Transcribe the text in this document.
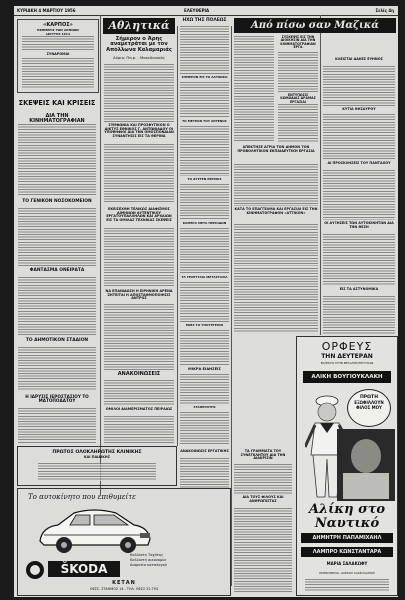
ΚΥΡΙΑΚΗ 4 ΜΑΡΤΙΟΥ 1956	ΕΛΕΥΘΕΡΙΑ	Σελίς 4η
«ΚΑΡΠΟΣ»
ΕΦΗΜΕΡΙΣ ΤΩΝ ΑΘΗΝΩΝ
ΙΔΡΥΤΗΣ 1914
ΣΥΝΔΡΟΜΑΙ
ΣΚΕΨΕΙΣ ΚΑΙ ΚΡΙΣΕΙΣ
ΔΙΑ ΤΗΝ ΚΙΝΗΜΑΤΟΓΡΑΦΙΑΝ
ΤΟ ΓΕΝΙΚΟΝ ΝΟΣΟΚΟΜΕΙΟΝ
ΦΑΝΤΑΣΜΑ ΟΝΕΙΡΑΤΑ
ΤΟ ΔΗΜΟΤΙΚΟΝ ΣΤΑΔΙΟΝ
Η ΙΔΡΥΣΙΣ ΙΕΡΟΣΤΑΣΙΟΥ ΤΟ ΜΑΤΟΠΟΔΑΤΟΥ
Αθλητικά
Σήμερον ο Άρης αναμετράται με τον Απόλλωνα Καλαμαριάς
Αύριο: Πειρ. - Μακεδονικός
ΣΥΜΦΩΝΙΑ ΚΑΙ ΠΡΟΣΦΥΓΙΚΟΝ Ο ΔΙΚΤΥΣ ΕΘΝΙΚΟΣ Γ. ΑΝΤΩΝΙΑΔΟΥ ΟΙ ΥΠΟΨΗΦΙΟΙ ΔΙΑ ΤΗΝ ΟΜΟΣΠΟΝΔΙΑΝ ΣΥΝΑΝΤΗΣΙΣ ΕΙΣ ΤΑ ΘΕΡΙΝΑ
ΕΚΕΙΣΕΧΘΗ ΤΕΛΙΚΩΣ ΔΙΑΦΙΣΜΟΣ ΔΙΜΗΝΩΝ ΑΥΤΕΝΤΙΚΟΥ ΕΡΓΑΤΟΥΠΑΛΛΗΛΩΝ ΚΑΙ ΑΡΧΑΙΩΝ ΕΙΣ ΤΑ ΟΜΙΛΑΣ ΤΕΧΝΙΚΑΣ ΣΚΕΨΕΙΣ
ΝΑ ΕΠΑΝΙΔΩΣΗ Η ΕΙΡΗΝΙΚΗ ΑΡΕΝΑ ΖΗΤΕΙΤΑΙ Η ΑΠΟΣΤΑΘΜΟΠΟΙΗΣΙΣ ΑΝΤΡΟΣ
ΑΝΑΚΟΙΝΩΣΕΙΣ
ΟΜΙΛΟΙ ΔΙΑΜΕΡΙΣΜΑΤΟΣ ΠΕΙΡΑΙΩΣ
ΗΧΩ ΤΗΣ ΠΟΛΕΩΣ
ΣΗΜΕΡΟΝ ΕΙΣ ΤΟ ΛΑΤΙΝΙΚΟ
ΤΟ ΜΕΤΡΟΝ ΤΟΥ ΑΡΡΕΝΟΣ
ΤΟ ΔΥΣΤΕΝ ΘΕΣΜΟΣ
ΚΑΜΕΡΑ ΜΕΤΑ ΠΕΡΙΟΔΩΝ
ΤΑ ΤΕΛΕΥΤΑΙΑ ΜΕΤΑΣΤΑΣΙΑ
ΕΝΕΣ ΤΟ ΥΠΟΥΡΓΕΙΟΝ
ΜΙΚΡΑ ΕΙΔΗΣΕΙΣ
ΣΤΑΘΕΡΟΤΗΣ
Από πίσω σαν Μαζικά
ΣΥΣΚΕΨΙΣ ΕΙΣ ΤΗΝ ΔΙΟΙΚΗΣΙΝ ΔΙΑ ΤΗΝ ΚΙΝΗΜΑΤΟΓΡΑΦΙΑΝ ΕΡΓΑ
ΕΝΤΥΠΩΣΙΣ ΚΩΜΩΔΙΑΣ ΔΡΑΜΑΣ ΕΡΓΑΣΙΑΙ
ΑΠΕΚΤΗΣΕ ΑΓΡΙΑ ΤΟΝ ΔΗΜΟΝ ΤΟΝ ΠΡΟΒΟΛΗΤΙΚΟΝ ΕΚΠΑΙΔΕΥΤΙΚΗ ΕΡΓΑΣΙΑ
ΚΑΤΑ ΤΟ ΕΠΑΓΓΕΛΜΑ ΚΑΙ ΕΡΓΑΣΙΑΙ ΕΙΣ ΤΗΝ ΚΙΝΗΜΑΤΟΓΡΑΦΟΝ «ΑΤΤΙΚΟΝ»
ΚΛΕΙΣΤΑΙ ΔΑΚΕΣ ΕΥΗΝΟΣ
ΚΥΤΙΑ ΘΗΣΑΥΡΟΥ
ΑΙ ΠΡΟΣΚΛΗΣΕΙΣ ΤΟΥ ΠΑΝΤΑΧΟΥ
ΟΙ ΑΥΞΗΣΕΙΣ ΤΩΝ ΑΥΤΟΚΙΝΗΤΩΝ ΔΙΑ ΤΗΝ ΘΕΣΗ
ΕΙΣ ΤΑ ΑΣΤΥΝΟΜΙΚΑ
ΟΡΦΕΥΣ
ΤΗΝ ΔΕΥΤΕΡΑΝ
ΕΚΛΕΚΤΑΙ ΣΤΗΝ ΜΕΓΑΛΗΝ ΕΠΙΤΥΧΙΑΝ
ΑΛΙΚΗ ΒΟΥΓΙΟΥΚΛΑΚΗ
ΠΡΩΤΗ
ΕΞΩΦΙΛΛΟΥΝ
ΦΙΛΟΣ ΜΟΥ
Αλίκη στο Ναυτικό
ΔΗΜΗΤΡΗ ΠΑΠΑΜΙΧΑΗΛ
ΛΑΜΠΡΟ ΚΩΝΣΤΑΝΤΑΡΑ
ΜΑΡΙΑ ΣΑΛΑΚΩΦΥ
ΣΚΗΝΟΘΕΣΙΑ: ΑΛΕΚΟΣ ΣΑΚΕΛΛΑΡΙΟΣ
ΤΑ ΓΡΑΜΜΑΤΑ ΤΟΥ ΣΥΝΕΓΚΛΗΤΟΥ ΔΙΑ ΤΗΝ ΔΙΑΚΡΙΣΙΝ
ΔΙΑ ΤΟΥΣ ΦΙΛΟΥΣ ΚΑΙ ΑΝΘΡΩΠΙΣΤΑΣ
ΑΝΑΚΟΙΝΩΣΙΣ ΕΡΓΑΤΙΚΗΣ
ΠΡΩΤΟΣ ΟΛΟΚΛΗΡΩΤΗΣ ΚΛΙΝΙΚΗΣ
ΚΑΙ ΠΑΙΔΙΚΗΣ
Το αυτοκίνητο που επιθυμείτε
ŠKODA
Καλλίστη Ταχύτης
Καλλίστη οικονομία
Διαρκεία καταλογού
ΚΕΤΑΝ
ΘΕΣΣ. ΣΤΑΘΜΟΣ 14 - ΤΗΛ. ΘΕΣΣ 22.793
